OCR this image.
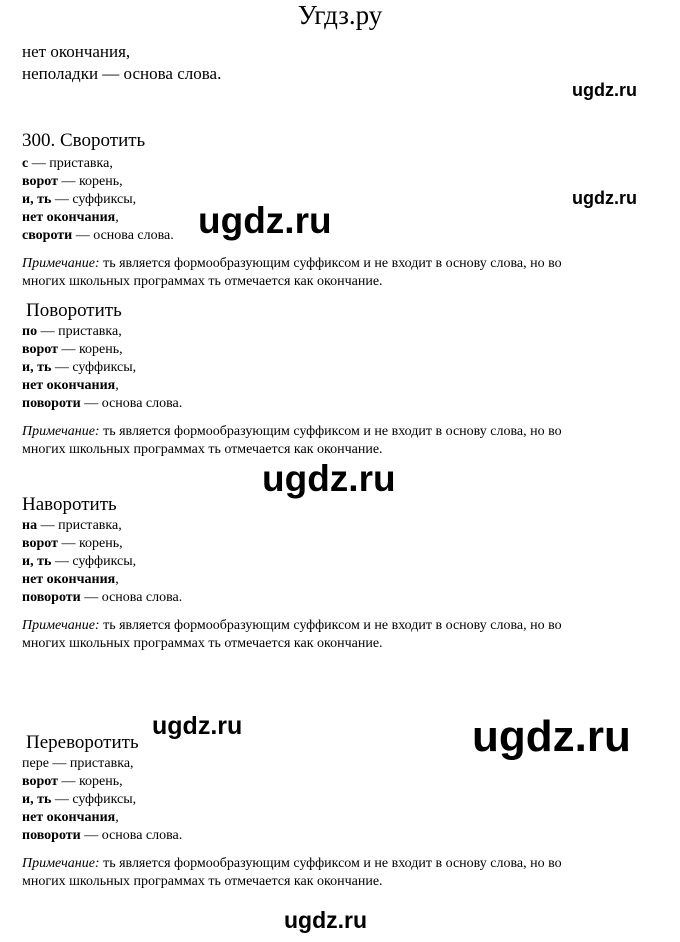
Угдз.ру
нет окончания,
неполадки — основа слова.
ugdz.ru
ugdz.ru
ugdz.ru
ugdz.ru
ugdz.ru	ugdz.ru
ugdz.ru
300. Своротить
с — приставка,
ворот — корень,
и, ть — суффиксы,
нет окончания,
свороти — основа слова.
Примечание: ть является формообразующим суффиксом и не входит в основу слова, но во
многих школьных программах ть отмечается как окончание.
Поворотить
по — приставка,
ворот — корень,
и, ть — суффиксы,
нет окончания,
повороти — основа слова.
Примечание: ть является формообразующим суффиксом и не входит в основу слова, но во
многих школьных программах ть отмечается как окончание.
Наворотить
на — приставка,
ворот — корень,
и, ть — суффиксы,
нет окончания,
повороти — основа слова.
Примечание: ть является формообразующим суффиксом и не входит в основу слова, но во
многих школьных программах ть отмечается как окончание.
Переворотить
пере — приставка,
ворот — корень,
и, ть — суффиксы,
нет окончания,
повороти — основа слова.
Примечание: ть является формообразующим суффиксом и не входит в основу слова, но во
многих школьных программах ть отмечается как окончание.
